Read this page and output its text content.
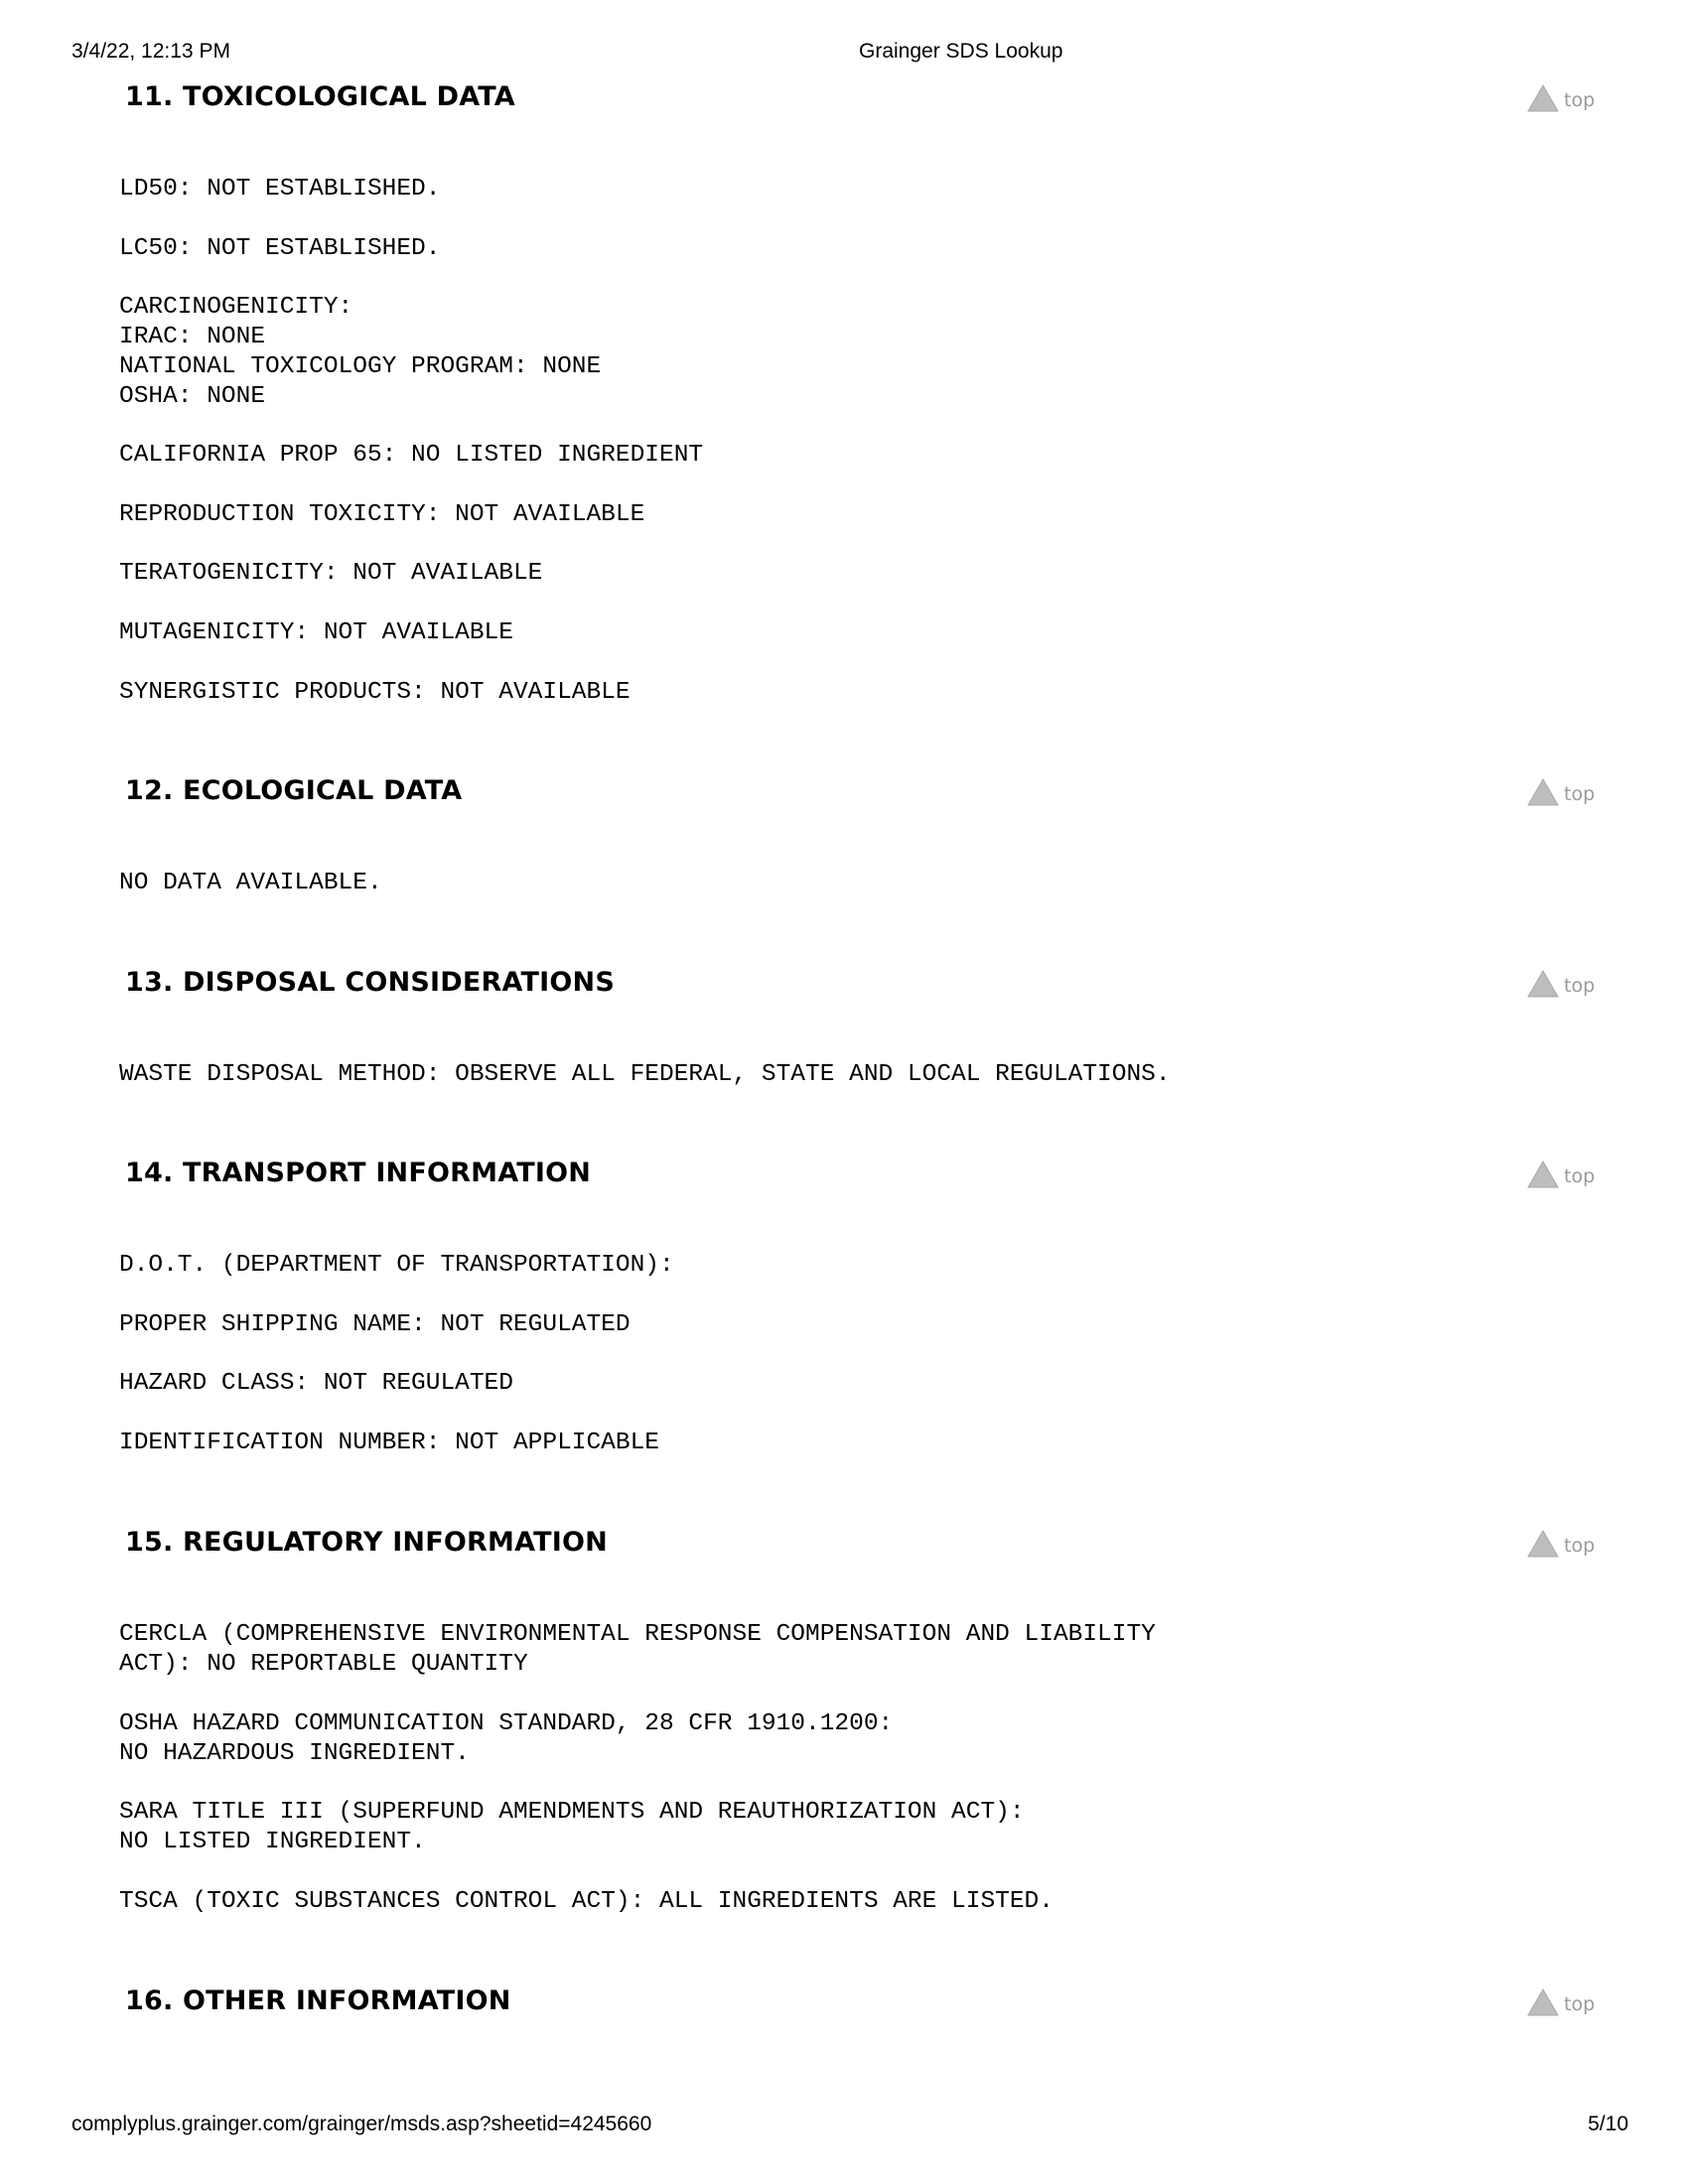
3/4/22, 12:13 PM	Grainger SDS Lookup
11. TOXICOLOGICAL DATA	top
LD50: NOT ESTABLISHED.
LC50: NOT ESTABLISHED.
CARCINOGENICITY:
IRAC: NONE
NATIONAL TOXICOLOGY PROGRAM: NONE
OSHA: NONE
CALIFORNIA PROP 65: NO LISTED INGREDIENT
REPRODUCTION TOXICITY: NOT AVAILABLE
TERATOGENICITY: NOT AVAILABLE
MUTAGENICITY: NOT AVAILABLE
SYNERGISTIC PRODUCTS: NOT AVAILABLE
12. ECOLOGICAL DATA	top
NO DATA AVAILABLE.
13. DISPOSAL CONSIDERATIONS	top
WASTE DISPOSAL METHOD: OBSERVE ALL FEDERAL, STATE AND LOCAL REGULATIONS.
14. TRANSPORT INFORMATION	top
D.O.T. (DEPARTMENT OF TRANSPORTATION):
PROPER SHIPPING NAME: NOT REGULATED
HAZARD CLASS: NOT REGULATED
IDENTIFICATION NUMBER: NOT APPLICABLE
15. REGULATORY INFORMATION	top
CERCLA (COMPREHENSIVE ENVIRONMENTAL RESPONSE COMPENSATION AND LIABILITY
ACT): NO REPORTABLE QUANTITY
OSHA HAZARD COMMUNICATION STANDARD, 28 CFR 1910.1200:
NO HAZARDOUS INGREDIENT.
SARA TITLE III (SUPERFUND AMENDMENTS AND REAUTHORIZATION ACT):
NO LISTED INGREDIENT.
TSCA (TOXIC SUBSTANCES CONTROL ACT): ALL INGREDIENTS ARE LISTED.
16. OTHER INFORMATION	top
complyplus.grainger.com/grainger/msds.asp?sheetid=4245660	5/10
